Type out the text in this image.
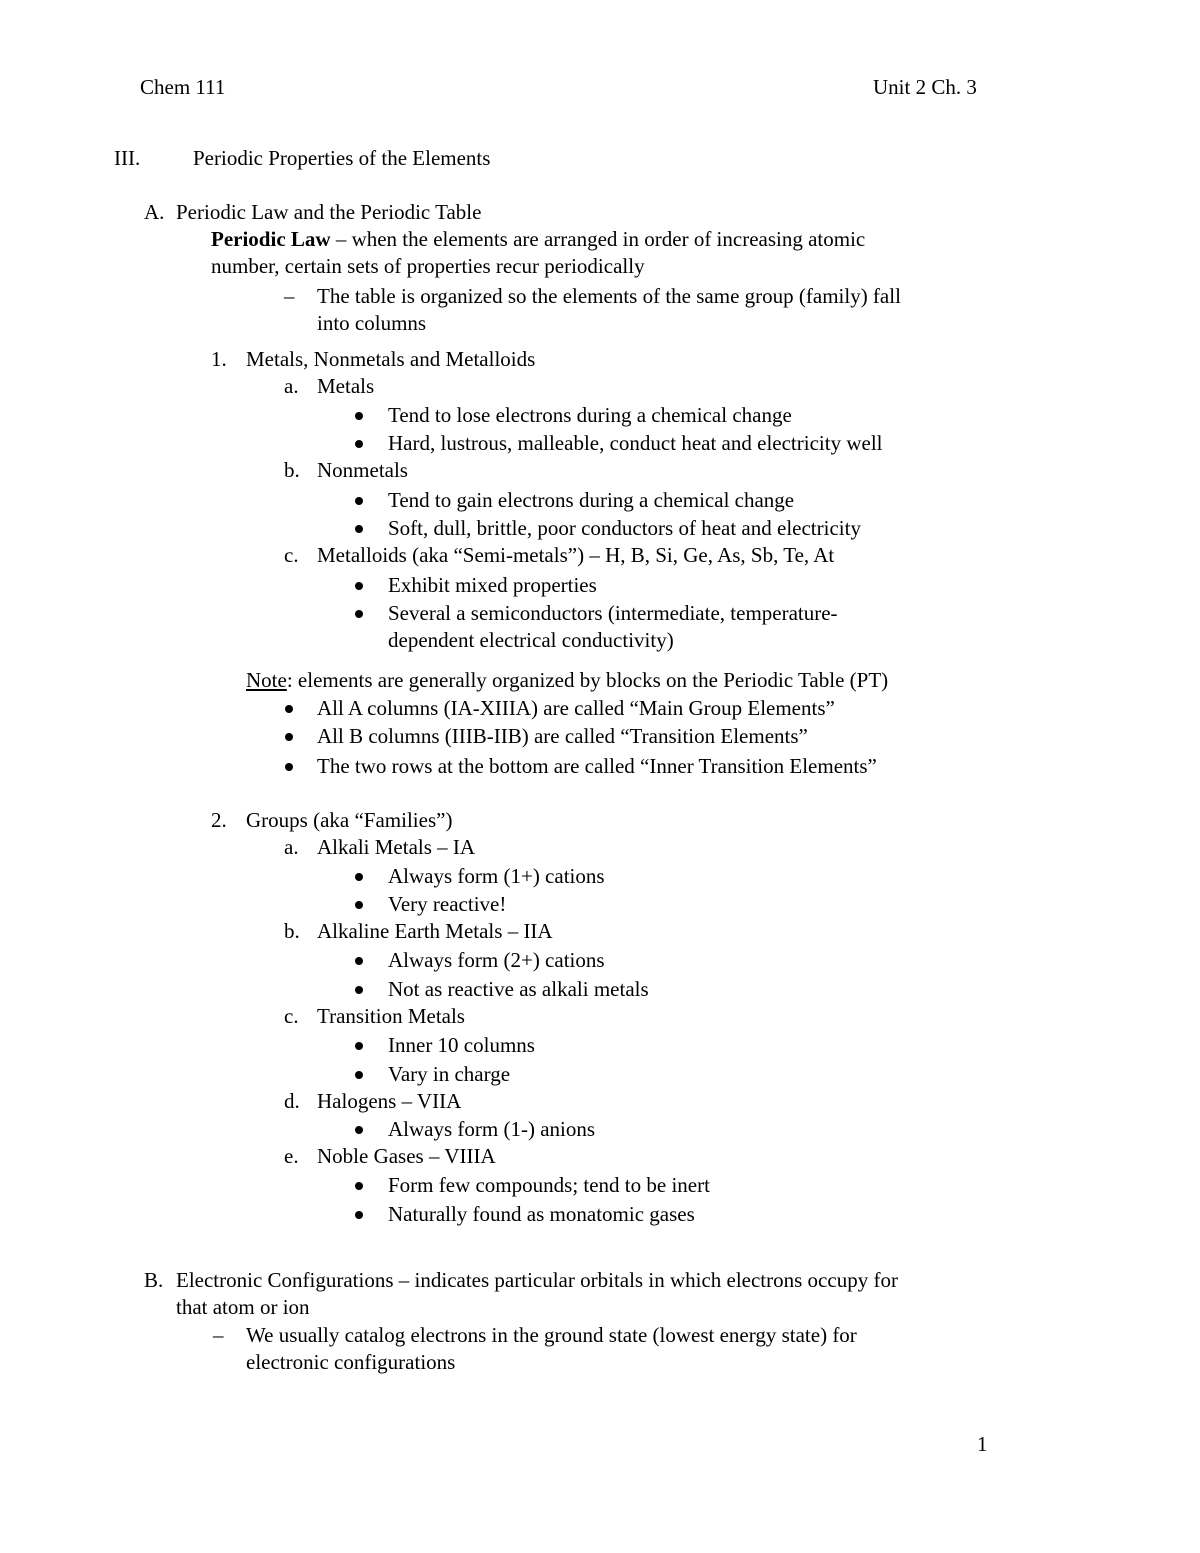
Chem 111	Unit 2 Ch. 3
III.	Periodic Properties of the Elements
A. Periodic Law and the Periodic Table
Periodic Law – when the elements are arranged in order of increasing atomic
number, certain sets of properties recur periodically
– The table is organized so the elements of the same group (family) fall
into columns
1. Metals, Nonmetals and Metalloids
a. Metals
Tend to lose electrons during a chemical change
Hard, lustrous, malleable, conduct heat and electricity well
b. Nonmetals
Tend to gain electrons during a chemical change
Soft, dull, brittle, poor conductors of heat and electricity
c. Metalloids (aka “Semi-metals”) – H, B, Si, Ge, As, Sb, Te, At
Exhibit mixed properties
Several a semiconductors (intermediate, temperature-
dependent electrical conductivity)
Note: elements are generally organized by blocks on the Periodic Table (PT)
All A columns (IA-XIIIA) are called “Main Group Elements”
All B columns (IIIB-IIB) are called “Transition Elements”
The two rows at the bottom are called “Inner Transition Elements”
2. Groups (aka “Families”)
a. Alkali Metals – IA
Always form (1+) cations
Very reactive!
b. Alkaline Earth Metals – IIA
Always form (2+) cations
Not as reactive as alkali metals
c. Transition Metals
Inner 10 columns
Vary in charge
d. Halogens – VIIA
Always form (1-) anions
e. Noble Gases – VIIIA
Form few compounds; tend to be inert
Naturally found as monatomic gases
B. Electronic Configurations – indicates particular orbitals in which electrons occupy for
that atom or ion
– We usually catalog electrons in the ground state (lowest energy state) for
electronic configurations
1
